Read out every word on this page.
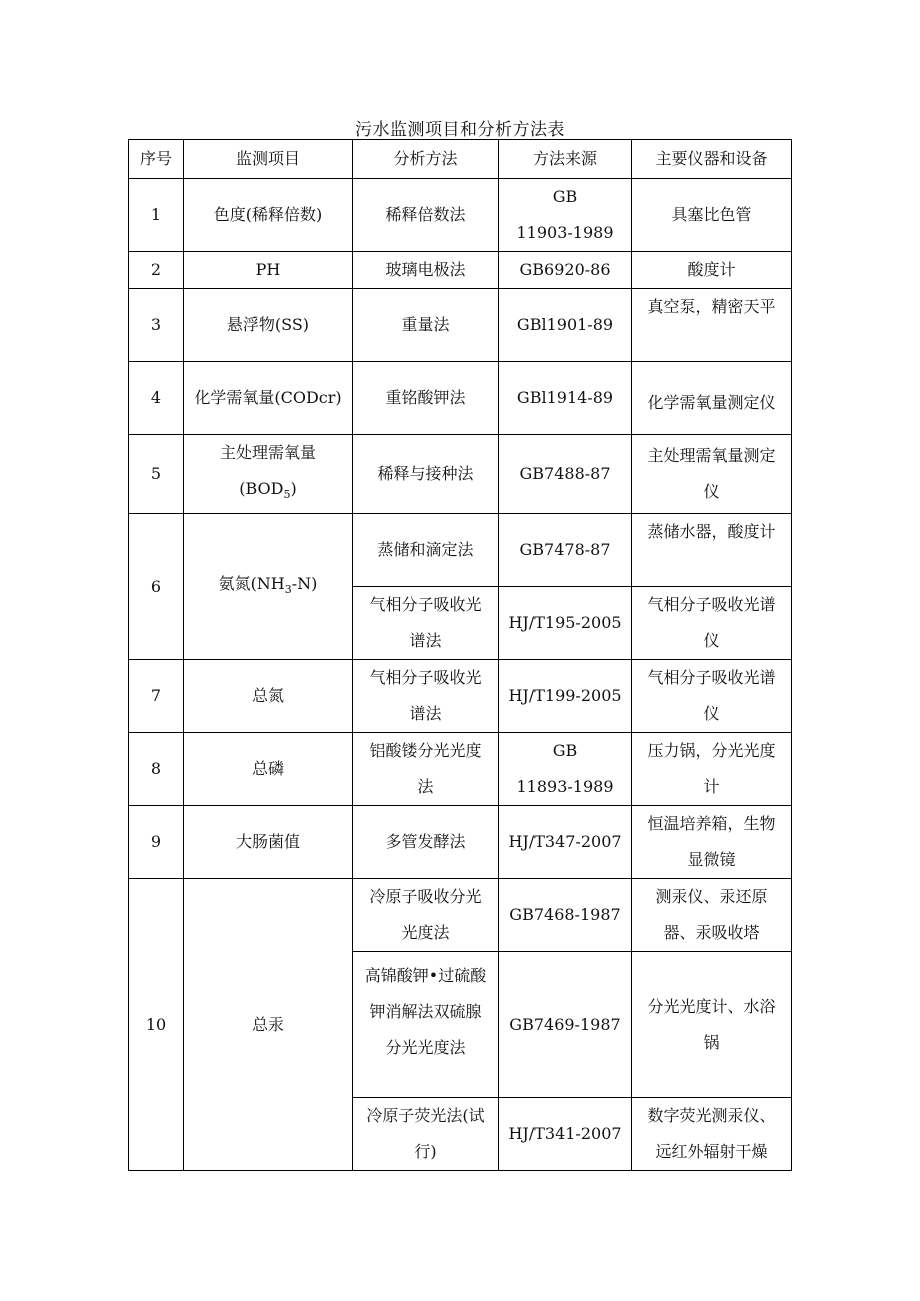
污水监测项目和分析方法表
序号	监测项目	分析方法	方法来源	主要仪器和设备
1	色度(稀释倍数)	稀释倍数法	GB
11903-1989	具塞比色管

2	PH	玻璃电极法	GB6920-86	酸度计

3	悬浮物(SS)	重量法	GBl1901-89	真空泵，精密天平

4	化学需氧量(CODcr)	重铭酸钾法	GBl1914-89	化学需氧量测定仪

5	主处理需氧量
$(BOD_5)$	稀释与接种法	GB7488-87	主处理需氧量测定
仪

6	氨氮$(NH_3-N)$	蒸储和滴定法	GB7478-87	蒸储水器，酸度计

		气相分子吸收光
谱法	HJ/T195-2005	气相分子吸收光谱
仪

7	总氮	气相分子吸收光
谱法	HJ/T199-2005	气相分子吸收光谱
仪

8	总磷	铝酸镂分光光度
法	GB
11893-1989	压力锅，分光光度
计

9	大肠菌值	多管发酵法	HJ/T347-2007	恒温培养箱，生物
显微镜

10	总汞	冷原子吸收分光
光度法	GB7468-1987	测汞仪、汞还原
器、汞吸收塔

		高锦酸钾•过硫酸
钾消解法双硫腺
分光光度法	GB7469-1987	分光光度计、水浴
锅

		冷原子荧光法(试
行)	HJ/T341-2007	数字荧光测汞仪、
远红外辐射干燥
